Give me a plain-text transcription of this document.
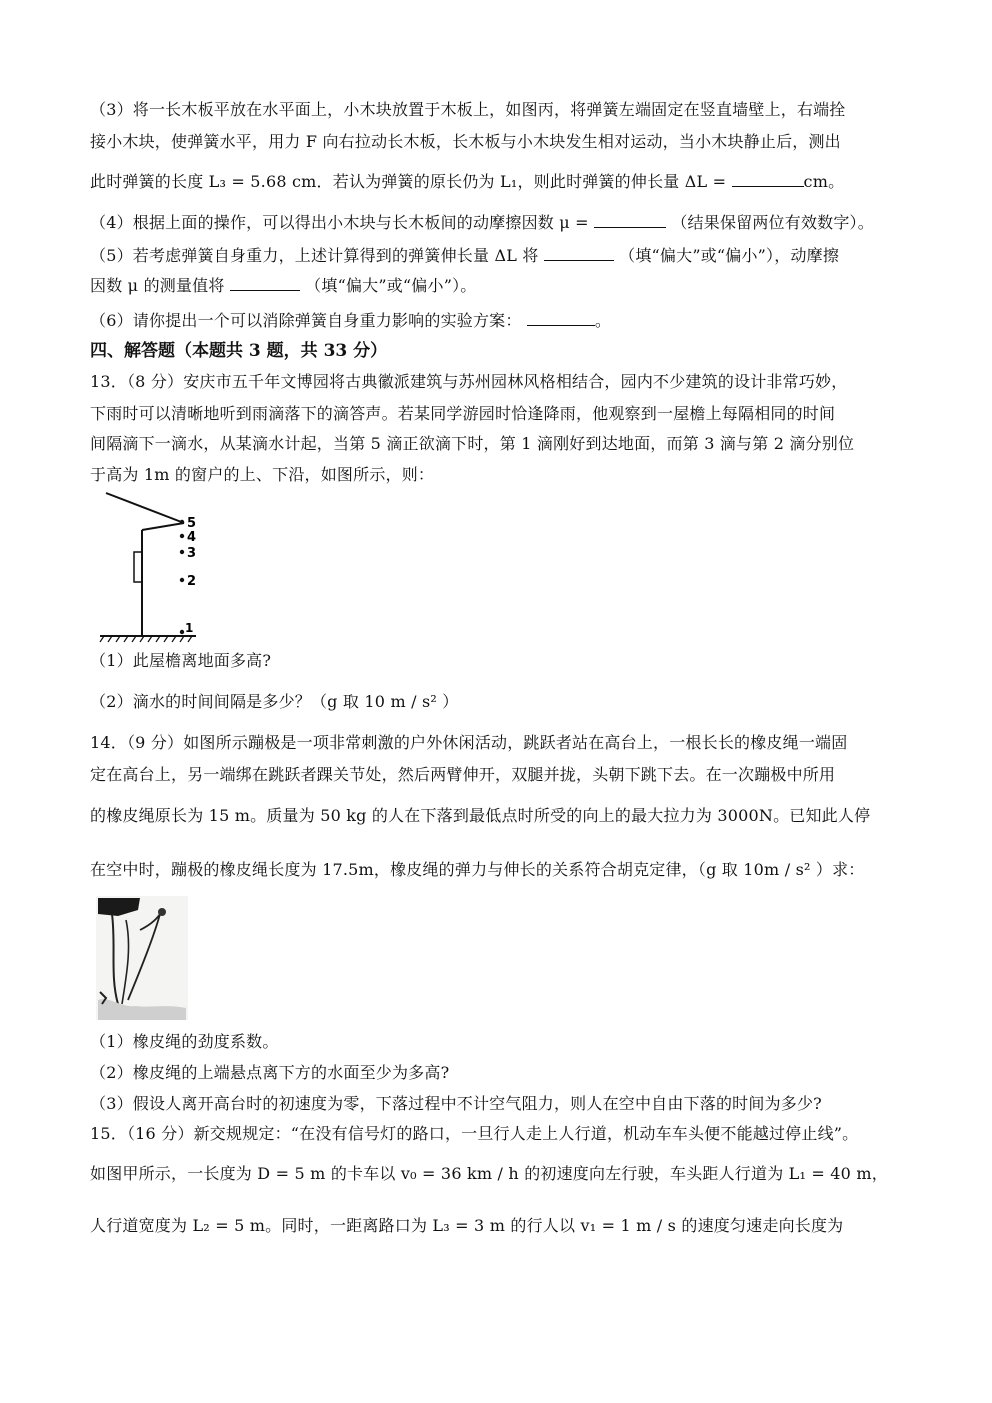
（3）将一长木板平放在水平面上，小木块放置于木板上，如图丙，将弹簧左端固定在竖直墙壁上，右端拴
接小木块，使弹簧水平，用力 F 向右拉动长木板，长木板与小木块发生相对运动，当小木块静止后，测出
此时弹簧的长度 L₃ = 5.68 cm．若认为弹簧的原长仍为 L₁，则此时弹簧的伸长量 ΔL =	cm。
（4）根据上面的操作，可以得出小木块与长木板间的动摩擦因数 μ =	（结果保留两位有效数字）。
（5）若考虑弹簧自身重力，上述计算得到的弹簧伸长量 ΔL 将	（填“偏大”或“偏小”），动摩擦
因数 μ 的测量值将	（填“偏大”或“偏小”）。
（6）请你提出一个可以消除弹簧自身重力影响的实验方案：	。
四、解答题（本题共 3 题，共 33 分）
13．（8 分）安庆市五千年文博园将古典徽派建筑与苏州园林风格相结合，园内不少建筑的设计非常巧妙，
下雨时可以清晰地听到雨滴落下的滴答声。若某同学游园时恰逢降雨，他观察到一屋檐上每隔相同的时间
间隔滴下一滴水，从某滴水计起，当第 5 滴正欲滴下时，第 1 滴刚好到达地面，而第 3 滴与第 2 滴分别位
于高为 1m 的窗户的上、下沿，如图所示，则：
5
4
3
2
1
（1）此屋檐离地面多高?
（2）滴水的时间间隔是多少？（g 取 10 m / s² ）
14．（9 分）如图所示蹦极是一项非常刺激的户外休闲活动，跳跃者站在高台上，一根长长的橡皮绳一端固
定在高台上，另一端绑在跳跃者踝关节处，然后两臂伸开，双腿并拢，头朝下跳下去。在一次蹦极中所用
的橡皮绳原长为 15 m。质量为 50 kg 的人在下落到最低点时所受的向上的最大拉力为 3000N。已知此人停
在空中时，蹦极的橡皮绳长度为 17.5m，橡皮绳的弹力与伸长的关系符合胡克定律，（g 取 10m / s² ）求：
（1）橡皮绳的劲度系数。
（2）橡皮绳的上端悬点离下方的水面至少为多高?
（3）假设人离开高台时的初速度为零，下落过程中不计空气阻力，则人在空中自由下落的时间为多少?
15．（16 分）新交规规定：“在没有信号灯的路口，一旦行人走上人行道，机动车车头便不能越过停止线”。
如图甲所示，一长度为 D = 5 m 的卡车以 v₀ = 36 km / h 的初速度向左行驶，车头距人行道为 L₁ = 40 m，
人行道宽度为 L₂ = 5 m。同时，一距离路口为 L₃ = 3 m 的行人以 v₁ = 1 m / s 的速度匀速走向长度为
